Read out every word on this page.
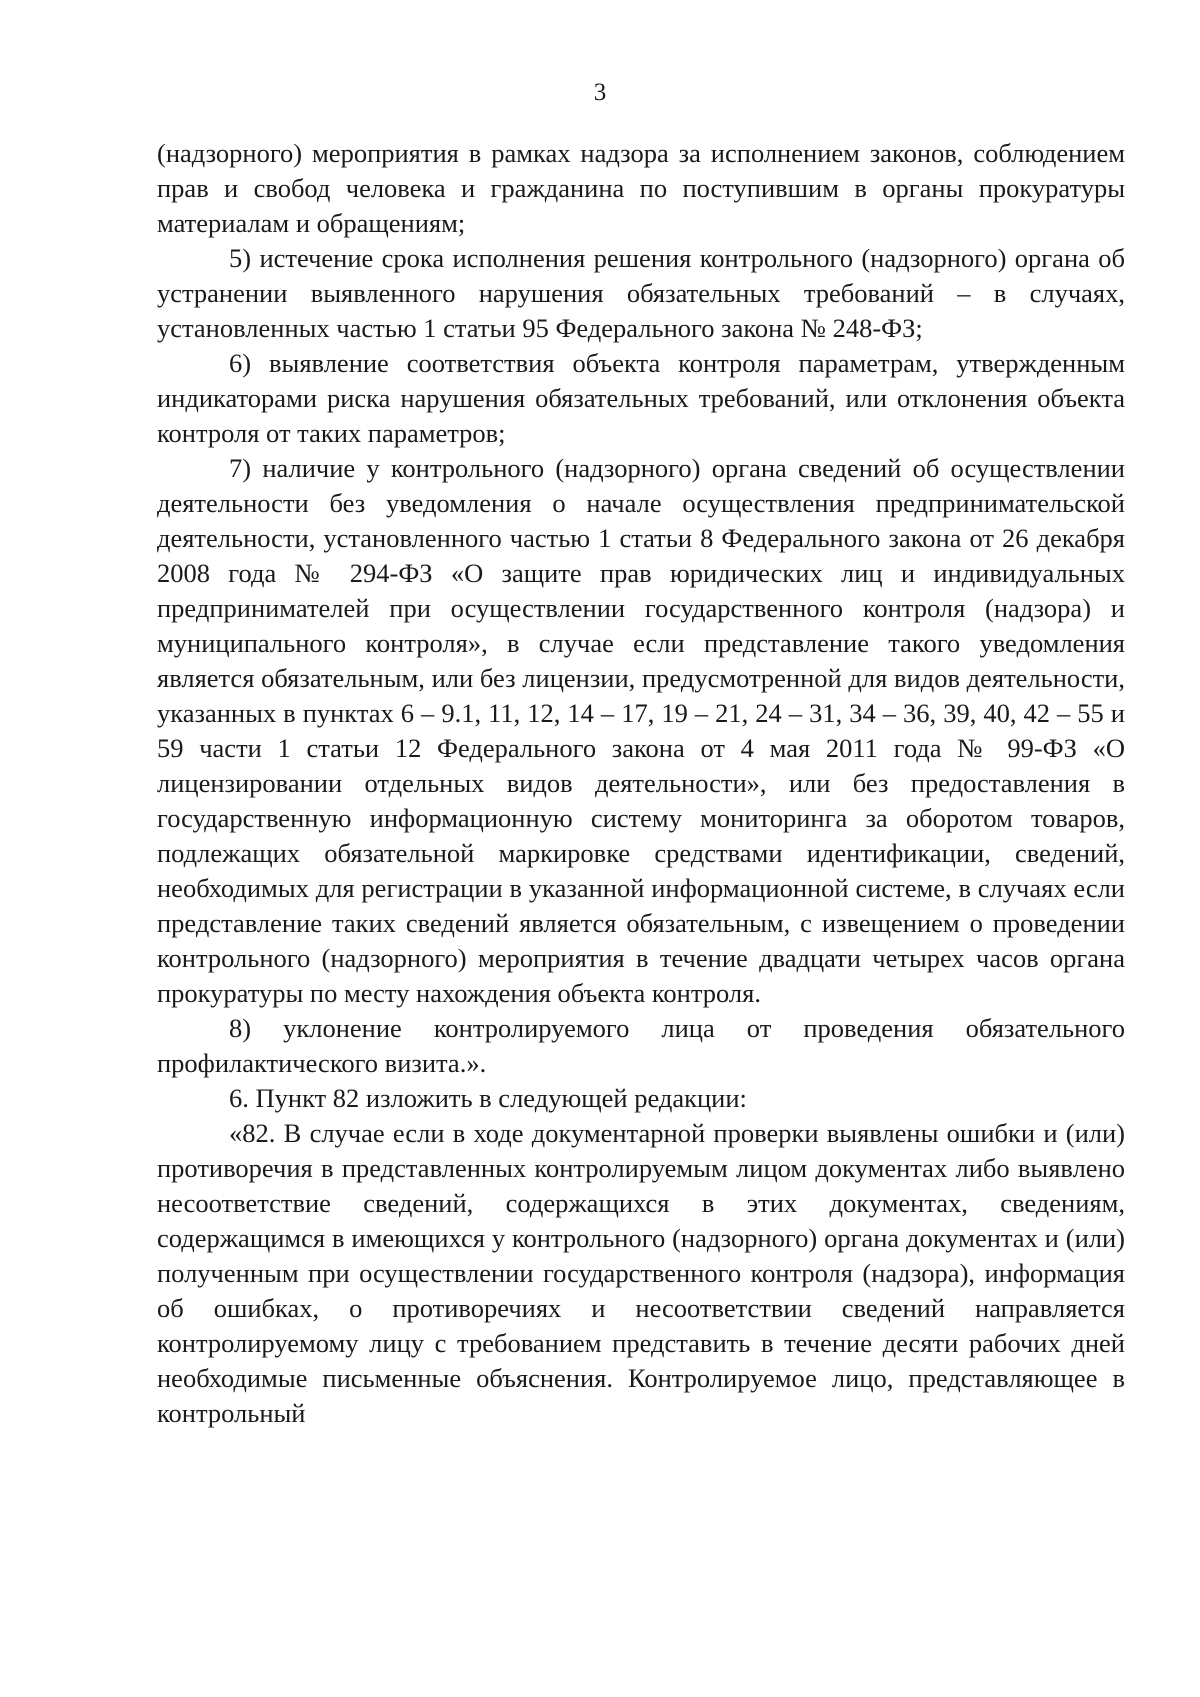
3

(надзорного) мероприятия в рамках надзора за исполнением законов, соблюдением прав и свобод человека и гражданина по поступившим в органы прокуратуры материалам и обращениям;

5) истечение срока исполнения решения контрольного (надзорного) органа об устранении выявленного нарушения обязательных требований – в случаях, установленных частью 1 статьи 95 Федерального закона № 248-ФЗ;

6) выявление соответствия объекта контроля параметрам, утвержденным индикаторами риска нарушения обязательных требований, или отклонения объекта контроля от таких параметров;

7) наличие у контрольного (надзорного) органа сведений об осуществлении деятельности без уведомления о начале осуществления предпринимательской деятельности, установленного частью 1 статьи 8 Федерального закона от 26 декабря 2008 года № 294-ФЗ «О защите прав юридических лиц и индивидуальных предпринимателей при осуществлении государственного контроля (надзора) и муниципального контроля», в случае если представление такого уведомления является обязательным, или без лицензии, предусмотренной для видов деятельности, указанных в пунктах 6 – 9.1, 11, 12, 14 – 17, 19 – 21, 24 – 31, 34 – 36, 39, 40, 42 – 55 и 59 части 1 статьи 12 Федерального закона от 4 мая 2011 года № 99-ФЗ «О лицензировании отдельных видов деятельности», или без предоставления в государственную информационную систему мониторинга за оборотом товаров, подлежащих обязательной маркировке средствами идентификации, сведений, необходимых для регистрации в указанной информационной системе, в случаях если представление таких сведений является обязательным, с извещением о проведении контрольного (надзорного) мероприятия в течение двадцати четырех часов органа прокуратуры по месту нахождения объекта контроля.

8) уклонение контролируемого лица от проведения обязательного профилактического визита.».

6. Пункт 82 изложить в следующей редакции:

«82. В случае если в ходе документарной проверки выявлены ошибки и (или) противоречия в представленных контролируемым лицом документах либо выявлено несоответствие сведений, содержащихся в этих документах, сведениям, содержащимся в имеющихся у контрольного (надзорного) органа документах и (или) полученным при осуществлении государственного контроля (надзора), информация об ошибках, о противоречиях и несоответствии сведений направляется контролируемому лицу с требованием представить в течение десяти рабочих дней необходимые письменные объяснения. Контролируемое лицо, представляющее в контрольный
